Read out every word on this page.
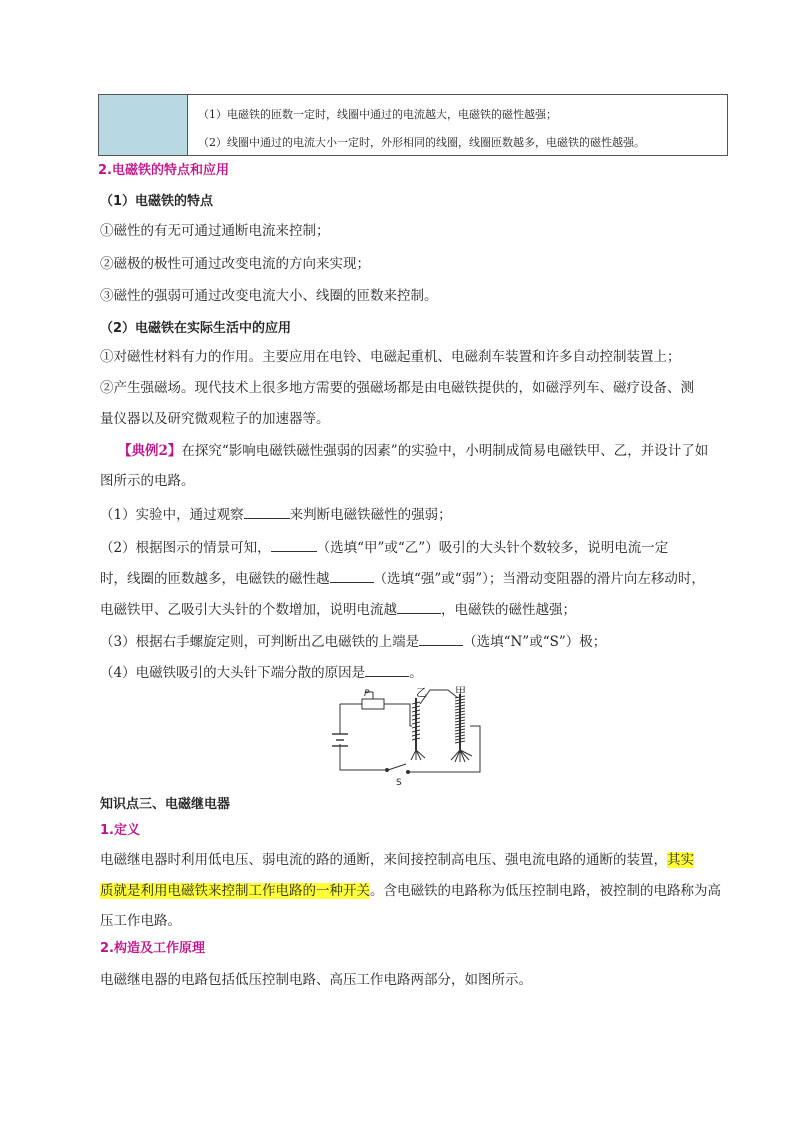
（1）电磁铁的匝数一定时，线圈中通过的电流越大，电磁铁的磁性越强；
（2）线圈中通过的电流大小一定时，外形相同的线圈，线圈匝数越多，电磁铁的磁性越强。
2.电磁铁的特点和应用
（1）电磁铁的特点
①磁性的有无可通过通断电流来控制；
②磁极的极性可通过改变电流的方向来实现；
③磁性的强弱可通过改变电流大小、线圈的匝数来控制。
（2）电磁铁在实际生活中的应用
①对磁性材料有力的作用。主要应用在电铃、电磁起重机、电磁刹车装置和许多自动控制装置上；
②产生强磁场。现代技术上很多地方需要的强磁场都是由电磁铁提供的，如磁浮列车、磁疗设备、测
量仪器以及研究微观粒子的加速器等。
【典例2】在探究“影响电磁铁磁性强弱的因素”的实验中，小明制成简易电磁铁甲、乙，并设计了如
图所示的电路。
（1）实验中，通过观察	来判断电磁铁磁性的强弱；
（2）根据图示的情景可知，	（选填“甲”或“乙”）吸引的大头针个数较多，说明电流一定
时，线圈的匝数越多，电磁铁的磁性越	（选填“强”或“弱”）；当滑动变阻器的滑片向左移动时，
电磁铁甲、乙吸引大头针的个数增加，说明电流越	，电磁铁的磁性越强；
（3）根据右手螺旋定则，可判断出乙电磁铁的上端是	（选填“N”或“S”）极；
（4）电磁铁吸引的大头针下端分散的原因是	。
P	乙	甲
S
知识点三、电磁继电器
1.定义
电磁继电器时利用低电压、弱电流的路的通断，来间接控制高电压、强电流电路的通断的装置，其实
质就是利用电磁铁来控制工作电路的一种开关。含电磁铁的电路称为低压控制电路，被控制的电路称为高
压工作电路。
2.构造及工作原理
电磁继电器的电路包括低压控制电路、高压工作电路两部分，如图所示。
